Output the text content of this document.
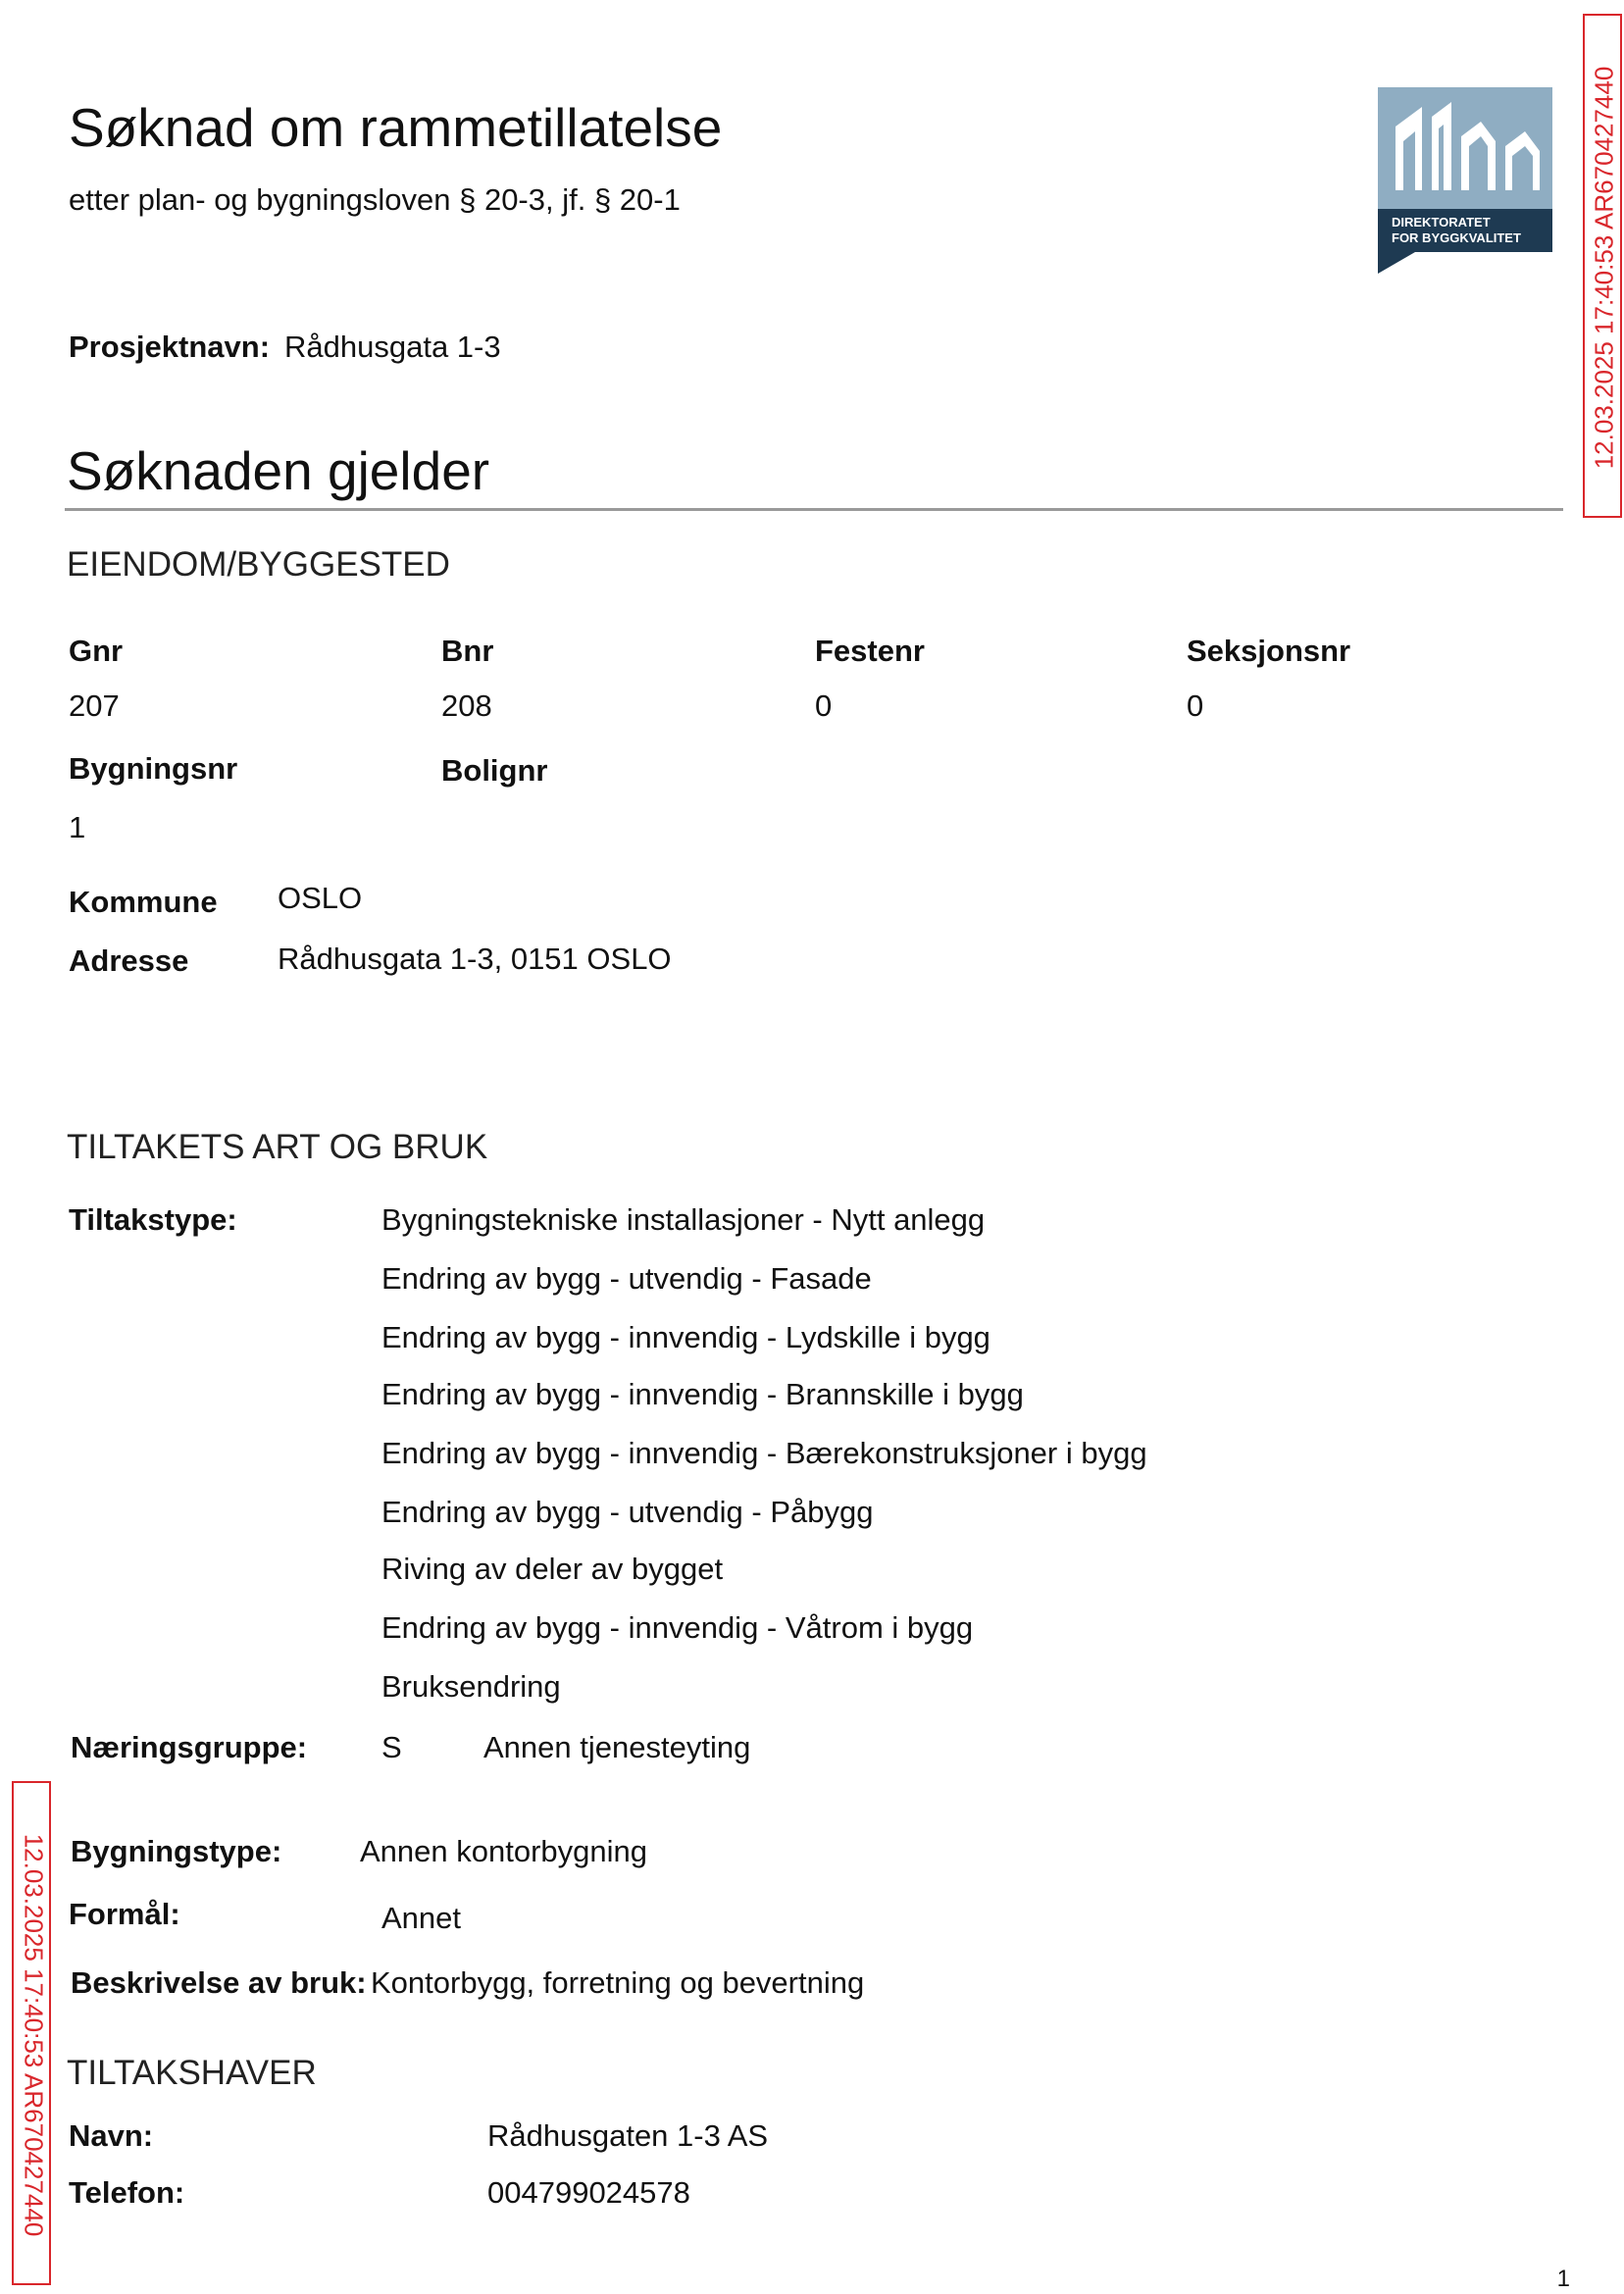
Søknad om rammetillatelse
etter plan- og bygningsloven § 20-3, jf. § 20-1
DIREKTORATET
FOR BYGGKVALITET	12.03.2025 17:40:53 AR670427440
12.03.2025 17:40:53 AR670427440
Prosjektnavn: Rådhusgata 1-3
Søknaden gjelder
EIENDOM/BYGGESTED
Gnr	Bnr	Festenr	Seksjonsnr
207	208	0	0
Bygningsnr	Bolignr
1
Kommune OSLO
Adresse	Rådhusgata 1-3, 0151 OSLO
TILTAKETS ART OG BRUK
Tiltakstype:	Bygningstekniske installasjoner - Nytt anlegg
Endring av bygg - utvendig - Fasade
Endring av bygg - innvendig - Lydskille i bygg
Endring av bygg - innvendig - Brannskille i bygg
Endring av bygg - innvendig - Bærekonstruksjoner i bygg
Endring av bygg - utvendig - Påbygg
Riving av deler av bygget
Endring av bygg - innvendig - Våtrom i bygg
Bruksendring
Næringsgruppe: S	Annen tjenesteyting
Bygningstype:	Annen kontorbygning
Formål:	Annet
Beskrivelse av bruk: Kontorbygg, forretning og bevertning
TILTAKSHAVER
Navn:	Rådhusgaten 1-3 AS
Telefon:	004799024578
1
